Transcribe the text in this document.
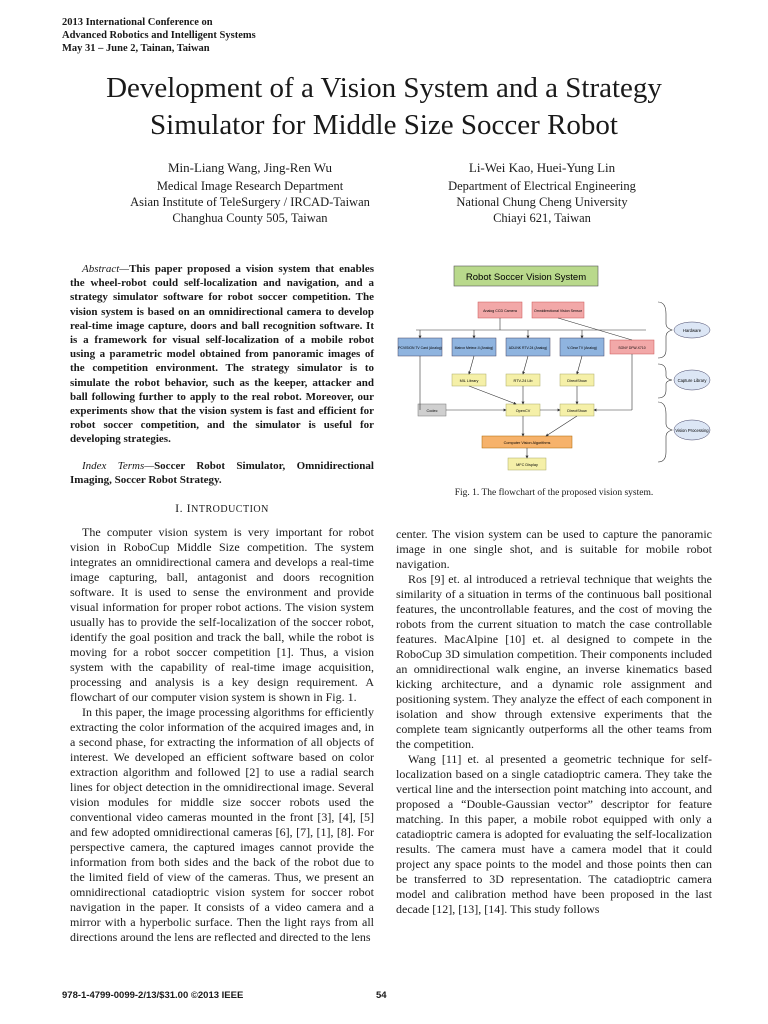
2013 International Conference on
Advanced Robotics and Intelligent Systems
May 31 – June 2, Tainan, Taiwan
Development of a Vision System and a Strategy
Simulator for Middle Size Soccer Robot
Min-Liang Wang, Jing-Ren Wu
Medical Image Research Department
Asian Institute of TeleSurgery / IRCAD-Taiwan
Changhua County 505, Taiwan
Li-Wei Kao, Huei-Yung Lin
Department of Electrical Engineering
National Chung Cheng University
Chiayi 621, Taiwan
Abstract—This paper proposed a vision system that enables the wheel-robot could self-localization and navigation, and a strategy simulator software for robot soccer competition. The vision system is based on an omnidirectional camera to develop real-time image capture, doors and ball recognition software. It is a framework for visual self-localization of a mobile robot using a parametric model obtained from panoramic images of the competition environment. The strategy simulator is to simulate the robot behavior, such as the keeper, attacker and ball following further to apply to the real robot. Moreover, our experiments show that the vision system is fast and efficient for robot soccer competition, and the simulator is useful for developing strategies.
Index Terms—Soccer Robot Simulator, Omnidirectional Imaging, Soccer Robot Strategy.
I. INTRODUCTION

The computer vision system is very important for robot vision in RoboCup Middle Size competition. The system integrates an omnidirectional camera and develops a real-time image capturing, ball, antagonist and doors recognition software. It is used to sense the environment and provide visual information for proper robot actions. The vision system usually has to provide the self-localization of the soccer robot, identify the goal position and track the ball, while the robot is moving for a robot soccer competition [1]. Thus, a vision system with the capability of real-time image acquisition, processing and analysis is a key design requirement. A flowchart of our computer vision system is shown in Fig. 1.

In this paper, the image processing algorithms for efficiently extracting the color information of the acquired images and, in a second phase, for extracting the information of all objects of interest. We developed an efficient software based on color extraction algorithm and followed [2] to use a radial search lines for object detection in the omnidirectional image. Several vision modules for middle size soccer robots used the conventional video cameras mounted in the front [3], [4], [5] and few adopted omnidirectional cameras [6], [7], [1], [8]. For perspective camera, the captured images cannot provide the information from both sides and the back of the robot due to the limited field of view of the cameras. Thus, we present an omnidirectional catadioptric vision system for soccer robot navigation in the paper. It consists of a video camera and a mirror with a hyperbolic surface. Then the light rays from all directions around the lens are reflected and directed to the lens

Robot Soccer Vision System
Analog CCD Camera	Omnidirectional Vision Sensor
PCVISION TV Card (Analog)	Matrox Meteor-II (Analog)	ADLINK RTV-24 (Analog)	V-Gear TV (Analog)	SONY DFW-X710
MIL Library	RTV-24 Lib	DirectShow
Codec	OpenCV	DirectShow
Computer Vision Algorithms
MFC Display
Hardware
Capture Library
Vision Processing
Fig. 1. The flowchart of the proposed vision system.

center. The vision system can be used to capture the panoramic image in one single shot, and is suitable for mobile robot navigation.

Ros [9] et. al introduced a retrieval technique that weights the similarity of a situation in terms of the continuous ball positional features, the uncontrollable features, and the cost of moving the robots from the current situation to match the case controllable features. MacAlpine [10] et. al designed to compete in the RoboCup 3D simulation competition. Their components included an omnidirectional walk engine, an inverse kinematics based kicking architecture, and a dynamic role assignment and positioning system. They analyze the effect of each component in isolation and show through extensive experiments that the complete team signicantly outperforms all the other teams from the competition.

Wang [11] et. al presented a geometric technique for self-localization based on a single catadioptric camera. They take the vertical line and the intersection point matching into account, and proposed a “Double-Gaussian vector” descriptor for feature matching. In this paper, a mobile robot equipped with only a catadioptric camera is adopted for evaluating the self-localization results. The camera must have a camera model that it could project any space points to the model and those points then can be transferred to 3D representation. The catadioptric camera model and calibration method have been proposed in the last decade [12], [13], [14]. This study follows

978-1-4799-0099-2/13/$31.00 ©2013 IEEE	54
